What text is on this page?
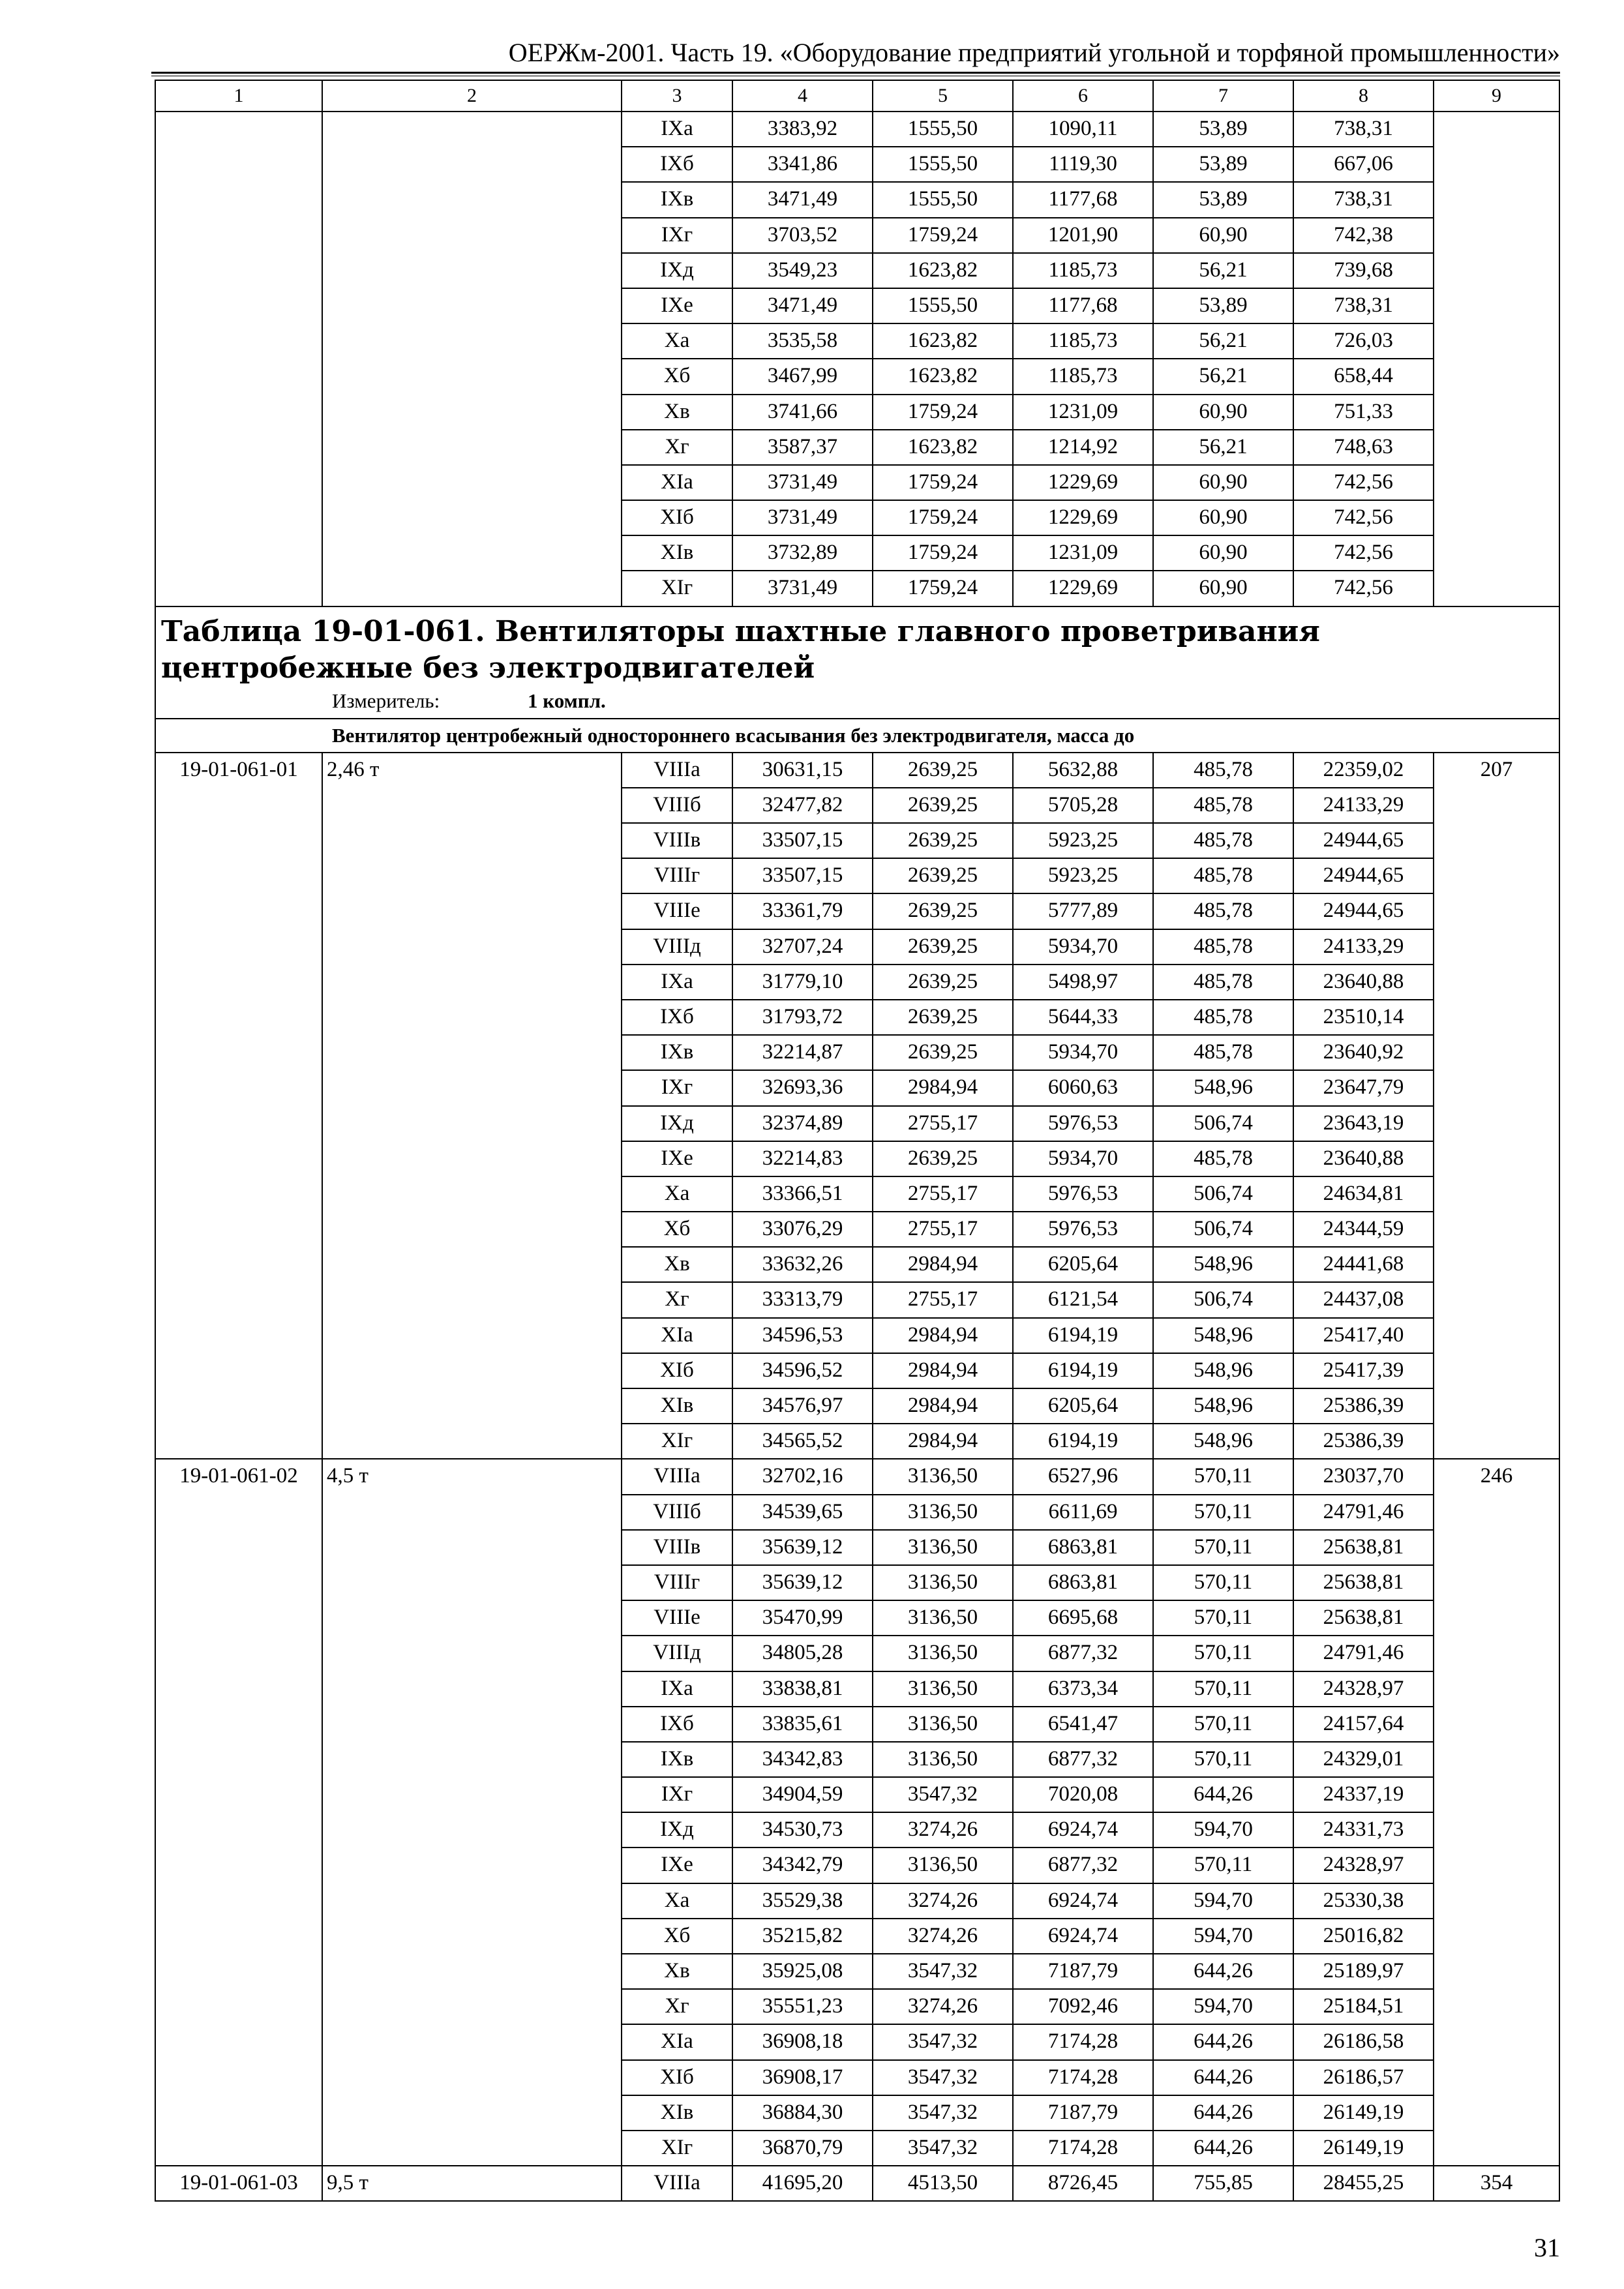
ОЕРЖм-2001. Часть 19. «Оборудование предприятий угольной и торфяной промышленности»
1	2	3	4	5	6	7	8	9
		IXа	3383,92	1555,50	1090,11	53,89	738,31	
		IXб	3341,86	1555,50	1119,30	53,89	667,06	
		IXв	3471,49	1555,50	1177,68	53,89	738,31	
		IXг	3703,52	1759,24	1201,90	60,90	742,38	
		IXд	3549,23	1623,82	1185,73	56,21	739,68	
		IXе	3471,49	1555,50	1177,68	53,89	738,31	
		Xа	3535,58	1623,82	1185,73	56,21	726,03	
		Xб	3467,99	1623,82	1185,73	56,21	658,44	
		Xв	3741,66	1759,24	1231,09	60,90	751,33	
		Xг	3587,37	1623,82	1214,92	56,21	748,63	
		XIа	3731,49	1759,24	1229,69	60,90	742,56	
		XIб	3731,49	1759,24	1229,69	60,90	742,56	
		XIв	3732,89	1759,24	1231,09	60,90	742,56	
		XIг	3731,49	1759,24	1229,69	60,90	742,56	

Таблица 19-01-061. Вентиляторы шахтные главного проветривания центробежные без электродвигателей
Измеритель: 1 компл.								

Вентилятор центробежный одностороннего всасывания без электродвигателя, масса до								
19-01-061-01	2,46 т	VIIIа	30631,15	2639,25	5632,88	485,78	22359,02	207
		VIIIб	32477,82	2639,25	5705,28	485,78	24133,29	
		VIIIв	33507,15	2639,25	5923,25	485,78	24944,65	
		VIIIг	33507,15	2639,25	5923,25	485,78	24944,65	
		VIIIе	33361,79	2639,25	5777,89	485,78	24944,65	
		VIIIд	32707,24	2639,25	5934,70	485,78	24133,29	
		IXа	31779,10	2639,25	5498,97	485,78	23640,88	
		IXб	31793,72	2639,25	5644,33	485,78	23510,14	
		IXв	32214,87	2639,25	5934,70	485,78	23640,92	
		IXг	32693,36	2984,94	6060,63	548,96	23647,79	
		IXд	32374,89	2755,17	5976,53	506,74	23643,19	
		IXе	32214,83	2639,25	5934,70	485,78	23640,88	
		Xа	33366,51	2755,17	5976,53	506,74	24634,81	
		Xб	33076,29	2755,17	5976,53	506,74	24344,59	
		Xв	33632,26	2984,94	6205,64	548,96	24441,68	
		Xг	33313,79	2755,17	6121,54	506,74	24437,08	
		XIа	34596,53	2984,94	6194,19	548,96	25417,40	
		XIб	34596,52	2984,94	6194,19	548,96	25417,39	
		XIв	34576,97	2984,94	6205,64	548,96	25386,39	
		XIг	34565,52	2984,94	6194,19	548,96	25386,39	
19-01-061-02	4,5 т	VIIIа	32702,16	3136,50	6527,96	570,11	23037,70	246
		VIIIб	34539,65	3136,50	6611,69	570,11	24791,46	
		VIIIв	35639,12	3136,50	6863,81	570,11	25638,81	
		VIIIг	35639,12	3136,50	6863,81	570,11	25638,81	
		VIIIе	35470,99	3136,50	6695,68	570,11	25638,81	
		VIIIд	34805,28	3136,50	6877,32	570,11	24791,46	
		IXа	33838,81	3136,50	6373,34	570,11	24328,97	
		IXб	33835,61	3136,50	6541,47	570,11	24157,64	
		IXв	34342,83	3136,50	6877,32	570,11	24329,01	
		IXг	34904,59	3547,32	7020,08	644,26	24337,19	
		IXд	34530,73	3274,26	6924,74	594,70	24331,73	
		IXе	34342,79	3136,50	6877,32	570,11	24328,97	
		Xа	35529,38	3274,26	6924,74	594,70	25330,38	
		Xб	35215,82	3274,26	6924,74	594,70	25016,82	
		Xв	35925,08	3547,32	7187,79	644,26	25189,97	
		Xг	35551,23	3274,26	7092,46	594,70	25184,51	
		XIа	36908,18	3547,32	7174,28	644,26	26186,58	
		XIб	36908,17	3547,32	7174,28	644,26	26186,57	
		XIв	36884,30	3547,32	7187,79	644,26	26149,19	
		XIг	36870,79	3547,32	7174,28	644,26	26149,19	
19-01-061-03	9,5 т	VIIIа	41695,20	4513,50	8726,45	755,85	28455,25	354
31
